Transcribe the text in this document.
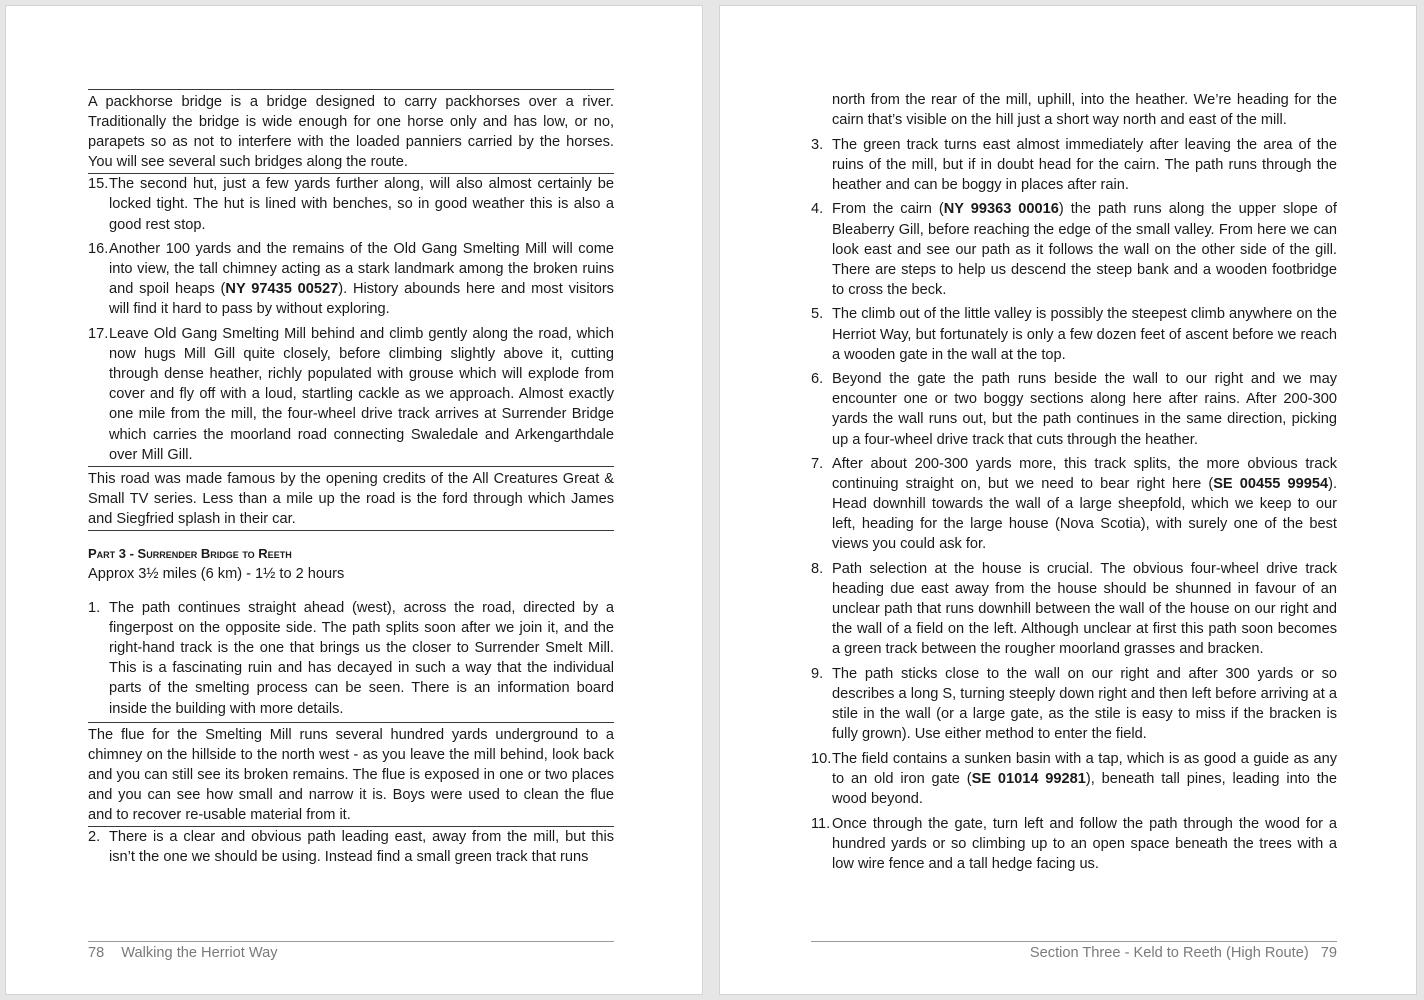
A packhorse bridge is a bridge designed to carry packhorses over a river. Traditionally the bridge is wide enough for one horse only and has low, or no, parapets so as not to interfere with the loaded panniers carried by the horses. You will see several such bridges along the route.

15. The second hut, just a few yards further along, will also almost certainly be locked tight. The hut is lined with benches, so in good weather this is also a good rest stop.
16. Another 100 yards and the remains of the Old Gang Smelting Mill will come into view, the tall chimney acting as a stark landmark among the broken ruins and spoil heaps (NY 97435 00527). History abounds here and most visitors will find it hard to pass by without exploring.
17. Leave Old Gang Smelting Mill behind and climb gently along the road, which now hugs Mill Gill quite closely, before climbing slightly above it, cutting through dense heather, richly populated with grouse which will explode from cover and fly off with a loud, startling cackle as we approach. Almost exactly one mile from the mill, the four-wheel drive track arrives at Surrender Bridge which carries the moorland road connecting Swaledale and Arkengarthdale over Mill Gill.

This road was made famous by the opening credits of the All Creatures Great & Small TV series. Less than a mile up the road is the ford through which James and Siegfried splash in their car.

Part 3 - Surrender Bridge to Reeth
Approx 3½ miles (6 km) - 1½ to 2 hours
1. The path continues straight ahead (west), across the road, directed by a fingerpost on the opposite side. The path splits soon after we join it, and the right-hand track is the one that brings us the closer to Surrender Smelt Mill. This is a fascinating ruin and has decayed in such a way that the individual parts of the smelting process can be seen. There is an information board inside the building with more details.

The flue for the Smelting Mill runs several hundred yards underground to a chimney on the hillside to the north west - as you leave the mill behind, look back and you can still see its broken remains. The flue is exposed in one or two places and you can see how small and narrow it is. Boys were used to clean the flue and to recover re-usable material from it.

2. There is a clear and obvious path leading east, away from the mill, but this isn’t the one we should be using. Instead find a small green track that runs
78 Walking the Herriot Way
north from the rear of the mill, uphill, into the heather. We’re heading for the cairn that’s visible on the hill just a short way north and east of the mill.
3. The green track turns east almost immediately after leaving the area of the ruins of the mill, but if in doubt head for the cairn. The path runs through the heather and can be boggy in places after rain.
4. From the cairn (NY 99363 00016) the path runs along the upper slope of Bleaberry Gill, before reaching the edge of the small valley. From here we can look east and see our path as it follows the wall on the other side of the gill. There are steps to help us descend the steep bank and a wooden footbridge to cross the beck.
5. The climb out of the little valley is possibly the steepest climb anywhere on the Herriot Way, but fortunately is only a few dozen feet of ascent before we reach a wooden gate in the wall at the top.
6. Beyond the gate the path runs beside the wall to our right and we may encounter one or two boggy sections along here after rains. After 200-300 yards the wall runs out, but the path continues in the same direction, picking up a four-wheel drive track that cuts through the heather.
7. After about 200-300 yards more, this track splits, the more obvious track continuing straight on, but we need to bear right here (SE 00455 99954). Head downhill towards the wall of a large sheepfold, which we keep to our left, heading for the large house (Nova Scotia), with surely one of the best views you could ask for.
8. Path selection at the house is crucial. The obvious four-wheel drive track heading due east away from the house should be shunned in favour of an unclear path that runs downhill between the wall of the house on our right and the wall of a field on the left. Although unclear at first this path soon becomes a green track between the rougher moorland grasses and bracken.
9. The path sticks close to the wall on our right and after 300 yards or so describes a long S, turning steeply down right and then left before arriving at a stile in the wall (or a large gate, as the stile is easy to miss if the bracken is fully grown). Use either method to enter the field.
10. The field contains a sunken basin with a tap, which is as good a guide as any to an old iron gate (SE 01014 99281), beneath tall pines, leading into the wood beyond.
11. Once through the gate, turn left and follow the path through the wood for a hundred yards or so climbing up to an open space beneath the trees with a low wire fence and a tall hedge facing us.
Section Three - Keld to Reeth (High Route) 79
